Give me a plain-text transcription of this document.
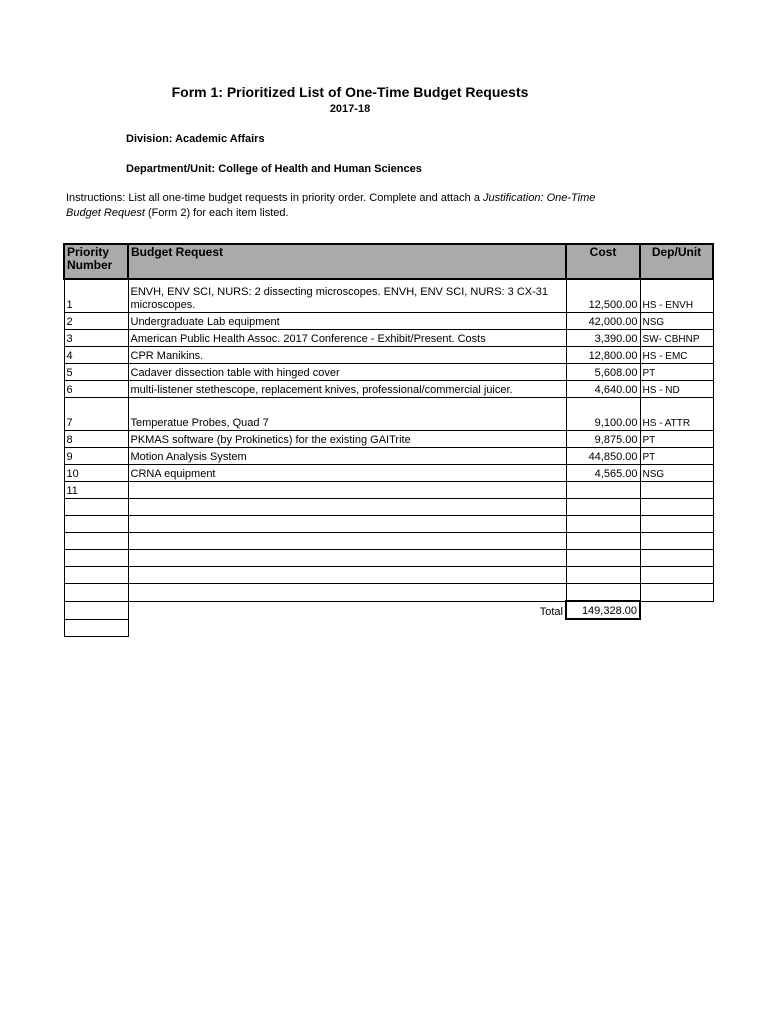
Form 1: Prioritized List of One-Time Budget Requests
2017-18
Division: Academic Affairs
Department/Unit: College of Health and Human Sciences
Instructions: List all one-time budget requests in priority order. Complete and attach a Justification: One-Time Budget Request (Form 2) for each item listed.
Priority Number	Budget Request	Cost	Dep/Unit
1	ENVH, ENV SCI, NURS: 2 dissecting microscopes. ENVH, ENV SCI, NURS: 3 CX-31 microscopes.	12,500.00	HS - ENVH
2	Undergraduate Lab equipment	42,000.00	NSG
3	American Public Health Assoc. 2017 Conference - Exhibit/Present. Costs	3,390.00	SW- CBHNP
4	CPR Manikins.	12,800.00	HS - EMC
5	Cadaver dissection table with hinged cover	5,608.00	PT
6	multi-listener stethescope, replacement knives, professional/commercial juicer.	4,640.00	HS - ND
7	Temperatue Probes, Quad 7	9,100.00	HS - ATTR
8	PKMAS software (by Prokinetics) for the existing GAITrite	9,875.00	PT
9	Motion Analysis System	44,850.00	PT
10	CRNA equipment	4,565.00	NSG
11			

	Total	149,328.00	
